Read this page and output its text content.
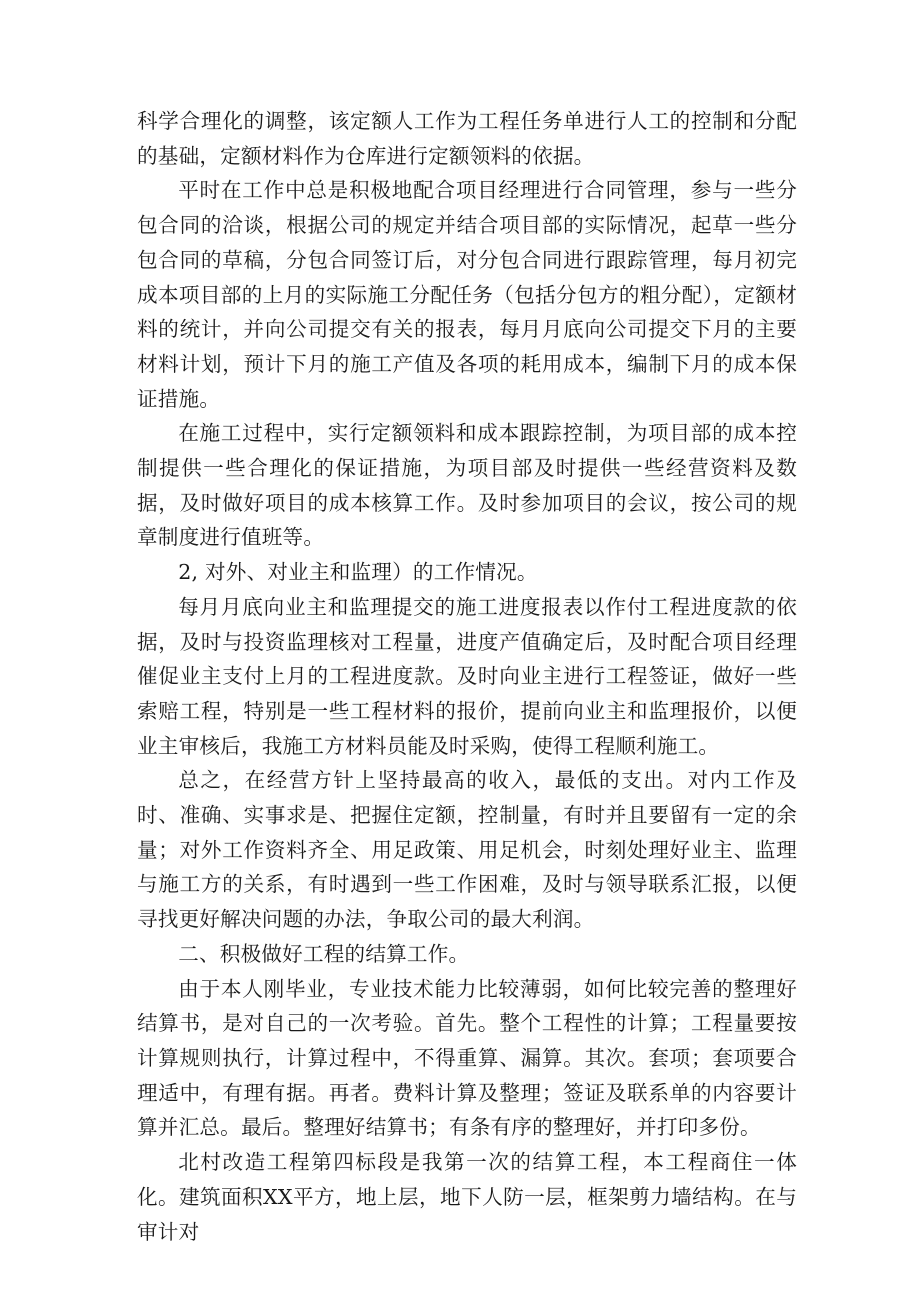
科学合理化的调整，该定额人工作为工程任务单进行人工的控制和分配的基础，定额材料作为仓库进行定额领料的依据。

平时在工作中总是积极地配合项目经理进行合同管理，参与一些分包合同的洽谈，根据公司的规定并结合项目部的实际情况，起草一些分包合同的草稿，分包合同签订后，对分包合同进行跟踪管理，每月初完成本项目部的上月的实际施工分配任务（包括分包方的粗分配），定额材料的统计，并向公司提交有关的报表，每月月底向公司提交下月的主要材料计划，预计下月的施工产值及各项的耗用成本，编制下月的成本保证措施。

在施工过程中，实行定额领料和成本跟踪控制，为项目部的成本控制提供一些合理化的保证措施，为项目部及时提供一些经营资料及数据，及时做好项目的成本核算工作。及时参加项目的会议，按公司的规章制度进行值班等。

2, 对外、对业主和监理）的工作情况。

每月月底向业主和监理提交的施工进度报表以作付工程进度款的依据，及时与投资监理核对工程量，进度产值确定后，及时配合项目经理催促业主支付上月的工程进度款。及时向业主进行工程签证，做好一些索赔工程，特别是一些工程材料的报价，提前向业主和监理报价，以便业主审核后，我施工方材料员能及时采购，使得工程顺利施工。

总之，在经营方针上坚持最高的收入，最低的支出。对内工作及时、准确、实事求是、把握住定额，控制量，有时并且要留有一定的余量；对外工作资料齐全、用足政策、用足机会，时刻处理好业主、监理与施工方的关系，有时遇到一些工作困难，及时与领导联系汇报，以便寻找更好解决问题的办法，争取公司的最大利润。

二、积极做好工程的结算工作。

由于本人刚毕业，专业技术能力比较薄弱，如何比较完善的整理好结算书，是对自己的一次考验。首先。整个工程性的计算；工程量要按计算规则执行，计算过程中，不得重算、漏算。其次。套项；套项要合理适中，有理有据。再者。费料计算及整理；签证及联系单的内容要计算并汇总。最后。整理好结算书；有条有序的整理好，并打印多份。

北村改造工程第四标段是我第一次的结算工程，本工程商住一体化。建筑面积XX平方，地上层，地下人防一层，框架剪力墙结构。在与审计对
